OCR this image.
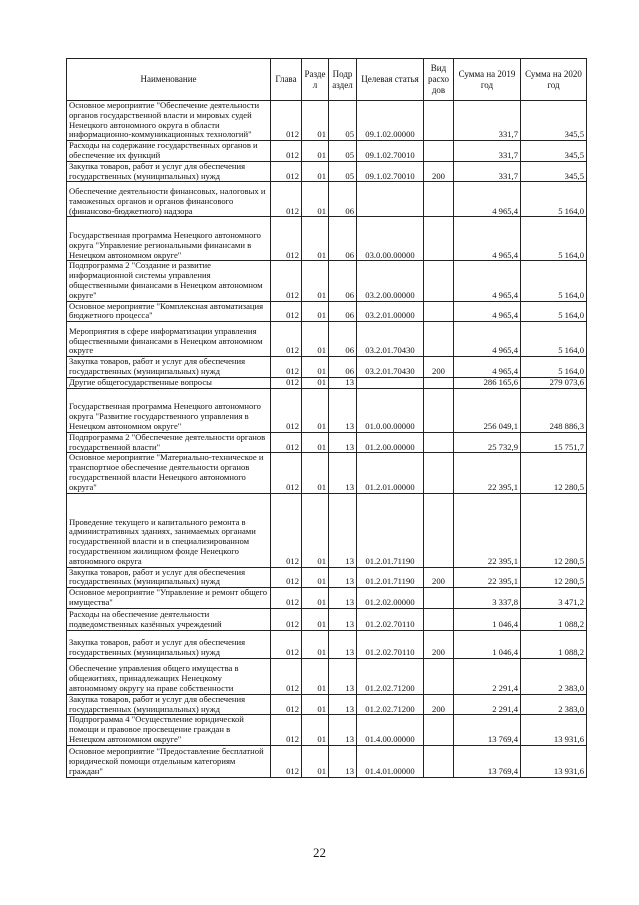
Наименование	Глава	Разде л	Подр аздел	Целевая статья	Вид расхо дов	Сумма на 2019 год	Сумма на 2020 год
Основное мероприятие "Обеспечение деятельности органов государственной власти и мировых судей Ненецкого автономного округа в области информационно-коммуникационных технологий"	012	01	05	09.1.02.00000		331,7	345,5
Расходы на содержание государственных органов и обеспечение их функций	012	01	05	09.1.02.70010		331,7	345,5
Закупка товаров, работ и услуг для обеспечения государственных (муниципальных) нужд	012	01	05	09.1.02.70010	200	331,7	345,5
Обеспечение деятельности финансовых, налоговых и таможенных органов и органов финансового (финансово-бюджетного) надзора	012	01	06			4 965,4	5 164,0
Государственная программа Ненецкого автономного округа "Управление региональными финансами в Ненецком автономном округе"	012	01	06	03.0.00.00000		4 965,4	5 164,0
Подпрограмма 2 "Создание и развитие информационной системы управления общественными финансами в Ненецком автономном округе"	012	01	06	03.2.00.00000		4 965,4	5 164,0
Основное мероприятие "Комплексная автоматизация бюджетного процесса"	012	01	06	03.2.01.00000		4 965,4	5 164,0
Мероприятия в сфере информатизации управления общественными финансами в Ненецком автономном округе	012	01	06	03.2.01.70430		4 965,4	5 164,0
Закупка товаров, работ и услуг для обеспечения государственных (муниципальных) нужд	012	01	06	03.2.01.70430	200	4 965,4	5 164,0
Другие общегосударственные вопросы	012	01	13			286 165,6	279 073,6
Государственная программа Ненецкого автономного округа "Развитие государственного управления в Ненецком автономном округе"	012	01	13	01.0.00.00000		256 049,1	248 886,3
Подпрограмма 2 "Обеспечение деятельности органов государственной власти"	012	01	13	01.2.00.00000		25 732,9	15 751,7
Основное мероприятие "Материально-техническое и транспортное обеспечение деятельности органов государственной власти Ненецкого автономного округа"	012	01	13	01.2.01.00000		22 395,1	12 280,5
Проведение текущего и капитального ремонта в административных зданиях, занимаемых органами государственной власти и в специализированном государственном жилищном фонде Ненецкого автономного округа	012	01	13	01.2.01.71190		22 395,1	12 280,5
Закупка товаров, работ и услуг для обеспечения государственных (муниципальных) нужд	012	01	13	01.2.01.71190	200	22 395,1	12 280,5
Основное мероприятие "Управление и ремонт общего имущества"	012	01	13	01.2.02.00000		3 337,8	3 471,2
Расходы на обеспечение деятельности подведомственных казённых учреждений	012	01	13	01.2.02.70110		1 046,4	1 088,2
Закупка товаров, работ и услуг для обеспечения государственных (муниципальных) нужд	012	01	13	01.2.02.70110	200	1 046,4	1 088,2
Обеспечение управления общего имущества в общежитиях, принадлежащих Ненецкому автономному округу на праве собственности	012	01	13	01.2.02.71200		2 291,4	2 383,0
Закупка товаров, работ и услуг для обеспечения государственных (муниципальных) нужд	012	01	13	01.2.02.71200	200	2 291,4	2 383,0
Подпрограмма 4 "Осуществление юридической помощи и правовое просвещение граждан в Ненецком автономном округе"	012	01	13	01.4.00.00000		13 769,4	13 931,6
Основное мероприятие "Предоставление бесплатной юридической помощи отдельным категориям граждан"	012	01	13	01.4.01.00000		13 769,4	13 931,6
22
